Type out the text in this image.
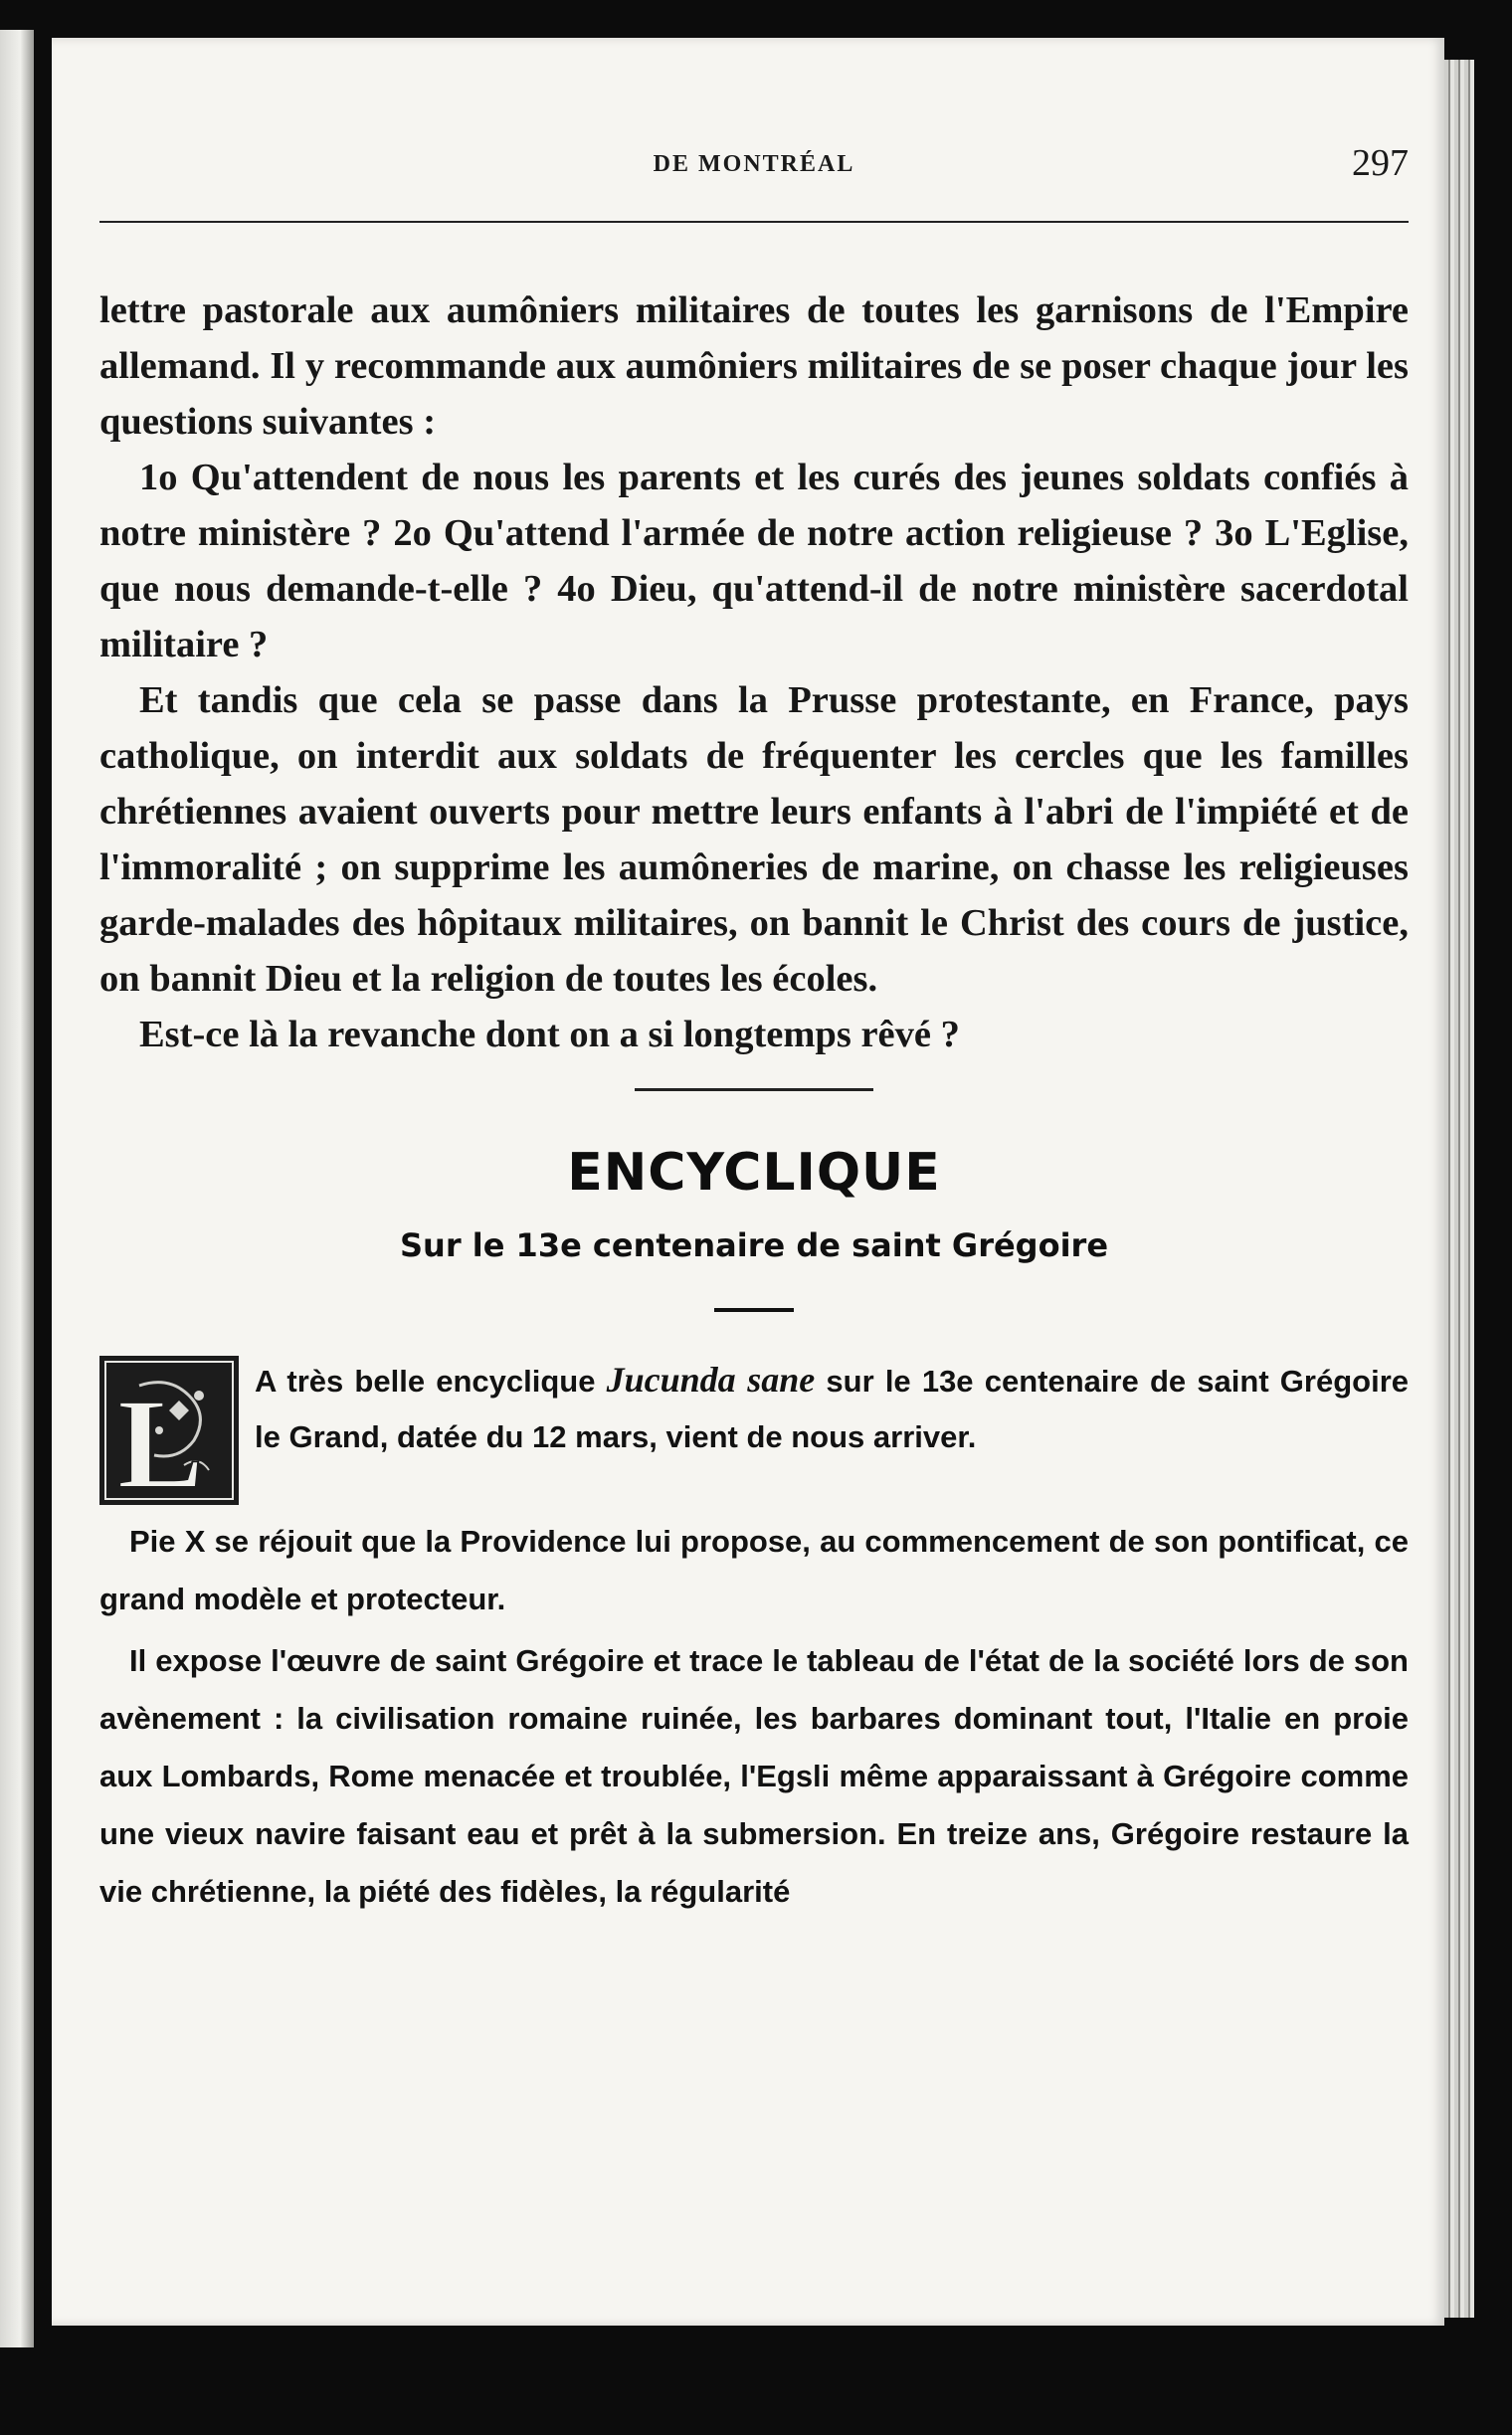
DE MONTRÉAL	297

lettre pastorale aux aumôniers militaires de toutes les garnisons de l'Empire allemand. Il y recommande aux aumôniers militaires de se poser chaque jour les questions suivantes :

1o Qu'attendent de nous les parents et les curés des jeunes soldats confiés à notre ministère ? 2o Qu'attend l'armée de notre action religieuse ? 3o L'Eglise, que nous demande-t-elle ? 4o Dieu, qu'attend-il de notre ministère sacerdotal militaire ?

Et tandis que cela se passe dans la Prusse protestante, en France, pays catholique, on interdit aux soldats de fréquenter les cercles que les familles chrétiennes avaient ouverts pour mettre leurs enfants à l'abri de l'impiété et de l'immoralité ; on supprime les aumôneries de marine, on chasse les religieuses garde-malades des hôpitaux militaires, on bannit le Christ des cours de justice, on bannit Dieu et la religion de toutes les écoles.

Est-ce là la revanche dont on a si longtemps rêvé ?

ENCYCLIQUE
Sur le 13e centenaire de saint Grégoire
L A très belle encyclique Jucunda sane sur le 13e centenaire de saint Grégoire le Grand, datée du 12 mars, vient de nous arriver.

Pie X se réjouit que la Providence lui propose, au commencement de son pontificat, ce grand modèle et protecteur.

Il expose l'œuvre de saint Grégoire et trace le tableau de l'état de la société lors de son avènement : la civilisation romaine ruinée, les barbares dominant tout, l'Italie en proie aux Lombards, Rome menacée et troublée, l'Egsli même apparaissant à Grégoire comme une vieux navire faisant eau et prêt à la submersion. En treize ans, Grégoire restaure la vie chrétienne, la piété des fidèles, la régularité
